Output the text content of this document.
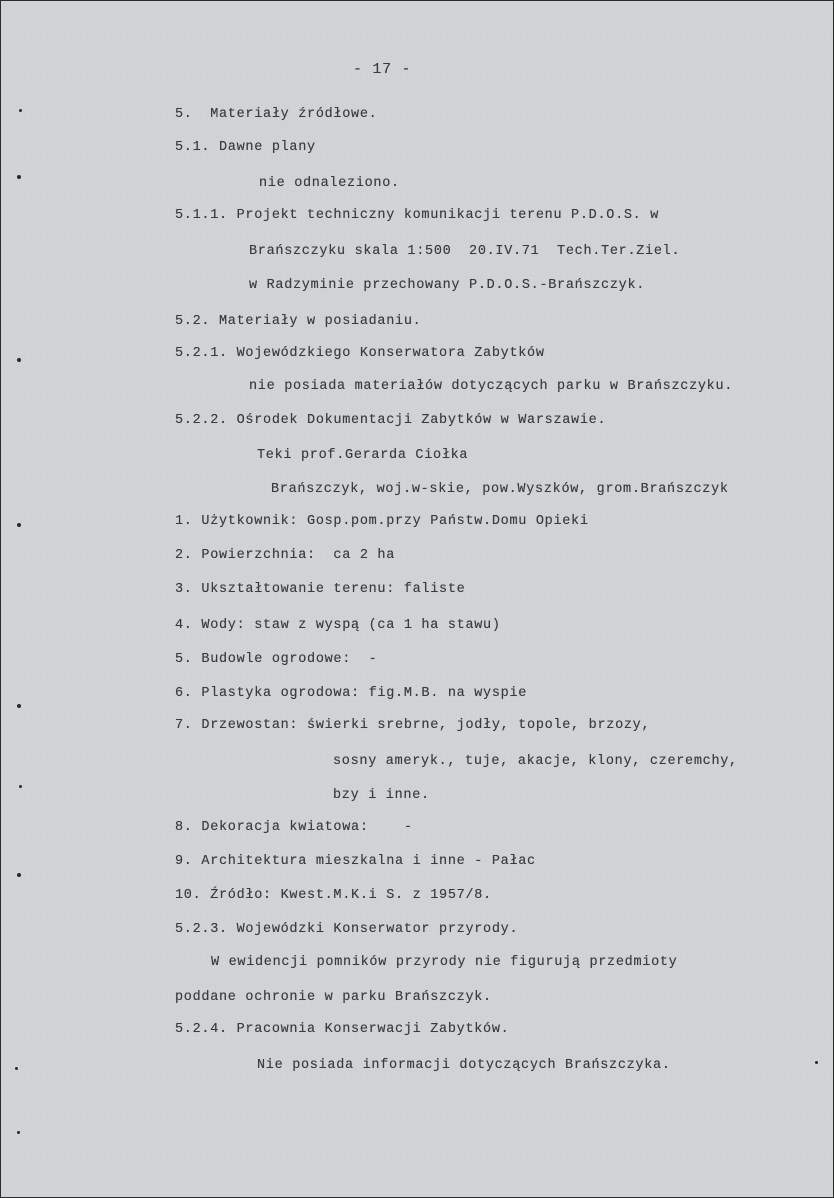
- 17 -
5.  Materiały źródłowe.
5.1. Dawne plany
nie odnaleziono.
5.1.1. Projekt techniczny komunikacji terenu P.D.O.S. w
Brańszczyku skala 1:500  20.IV.71  Tech.Ter.Ziel.
w Radzyminie przechowany P.D.O.S.-Brańszczyk.
5.2. Materiały w posiadaniu.
5.2.1. Wojewódzkiego Konserwatora Zabytków
nie posiada materiałów dotyczących parku w Brańszczyku.
5.2.2. Ośrodek Dokumentacji Zabytków w Warszawie.
Teki prof.Gerarda Ciołka
Brańszczyk, woj.w-skie, pow.Wyszków, grom.Brańszczyk
1. Użytkownik: Gosp.pom.przy Państw.Domu Opieki
2. Powierzchnia:  ca 2 ha
3. Ukształtowanie terenu: faliste
4. Wody: staw z wyspą (ca 1 ha stawu)
5. Budowle ogrodowe:  -
6. Plastyka ogrodowa: fig.M.B. na wyspie
7. Drzewostan: świerki srebrne, jodły, topole, brzozy,
sosny ameryk., tuje, akacje, klony, czeremchy,
bzy i inne.
8. Dekoracja kwiatowa:    -
9. Architektura mieszkalna i inne - Pałac
10. Źródło: Kwest.M.K.i S. z 1957/8.
5.2.3. Wojewódzki Konserwator przyrody.
W ewidencji pomników przyrody nie figurują przedmioty
poddane ochronie w parku Brańszczyk.
5.2.4. Pracownia Konserwacji Zabytków.
Nie posiada informacji dotyczących Brańszczyka.
